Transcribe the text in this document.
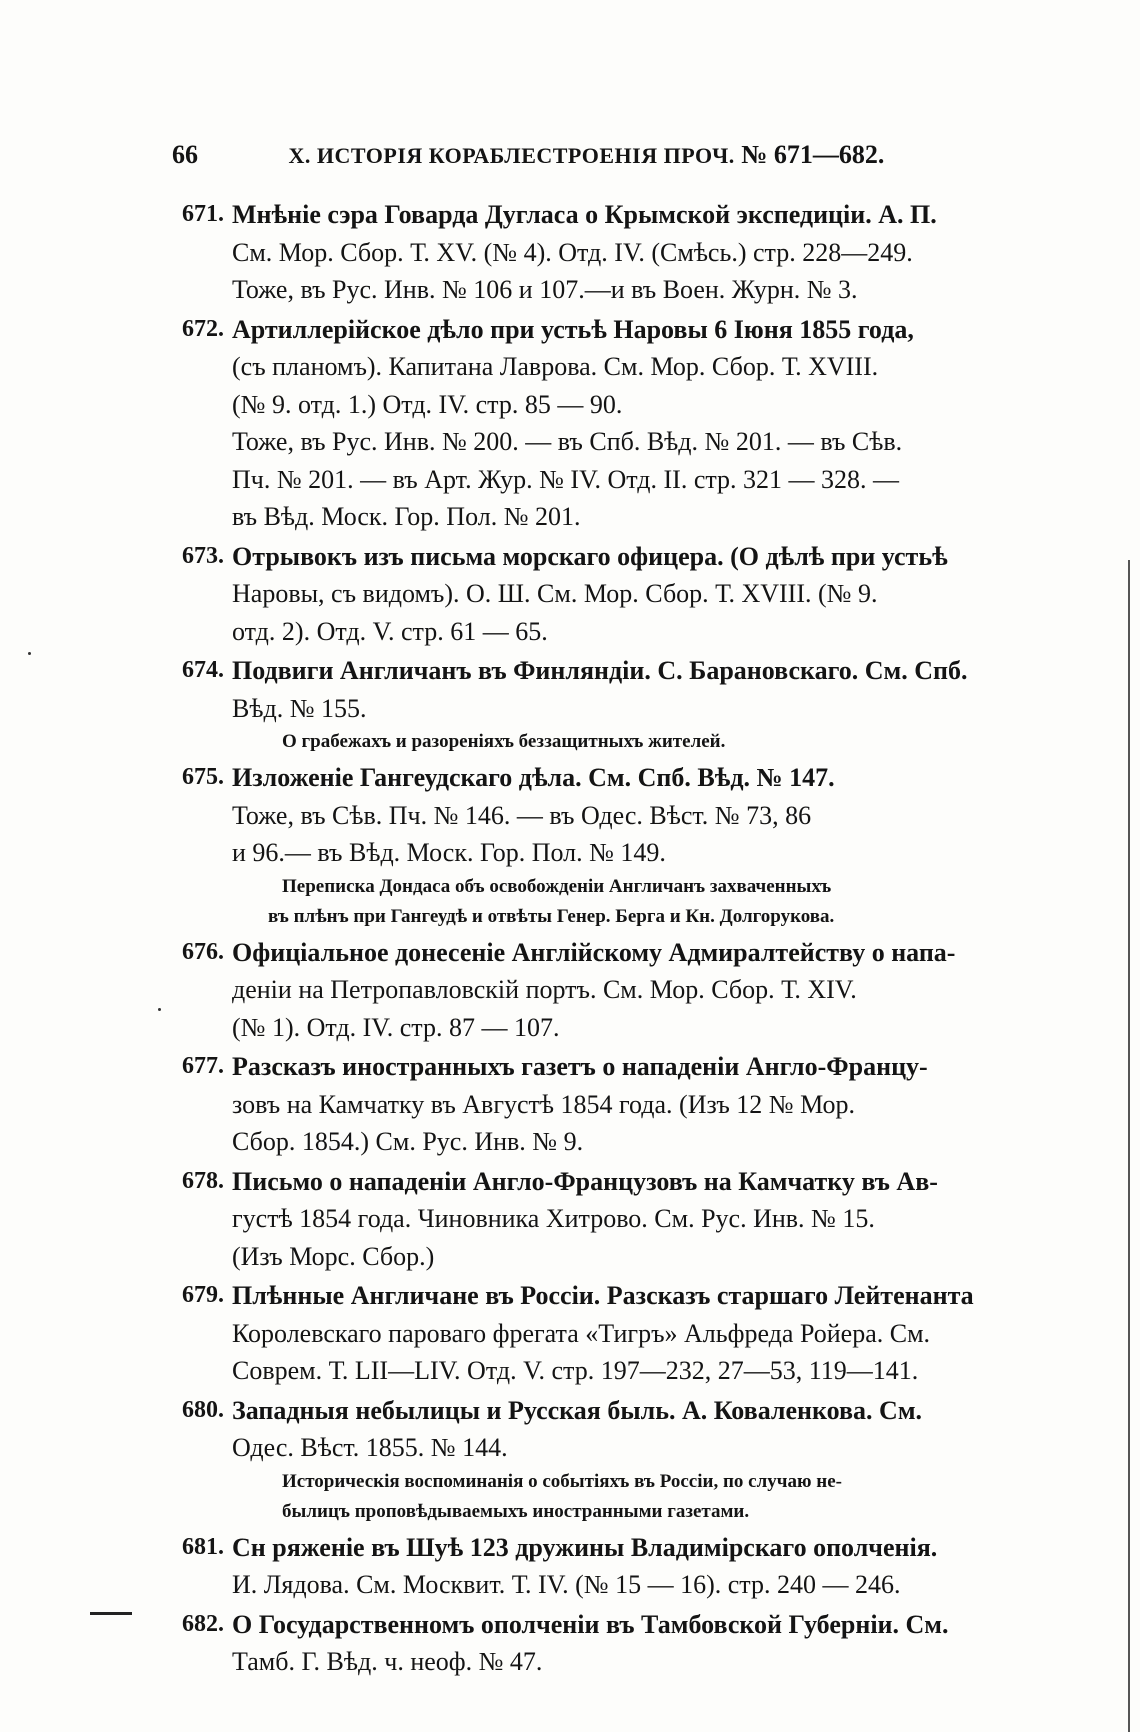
66	X. ИСТОРІЯ КОРАБЛЕСТРОЕНІЯ ПРОЧ. № 671—682.
671. Мнѣніе сэра Говарда Дугласа о Крымской экспедиціи. А. П.
См. Мор. Сбор. Т. XV. (№ 4). Отд. IV. (Смѣсь.) стр. 228—249.
Тоже, въ Рус. Инв. № 106 и 107.—и въ Воен. Журн. № 3.
672. Артиллерійское дѣло при устьѣ Наровы 6 Іюня 1855 года,
(съ планомъ). Капитана Лаврова. См. Мор. Сбор. Т. XVIII.
(№ 9. отд. 1.) Отд. IV. стр. 85 — 90.
Тоже, въ Рус. Инв. № 200. — въ Спб. Вѣд. № 201. — въ Сѣв.
Пч. № 201. — въ Арт. Жур. № IV. Отд. II. стр. 321 — 328. —
въ Вѣд. Моск. Гор. Пол. № 201.
673. Отрывокъ изъ письма морскаго офицера. (О дѣлѣ при устьѣ
Наровы, съ видомъ). О. Ш. См. Мор. Сбор. Т. XVIII. (№ 9.
отд. 2). Отд. V. стр. 61 — 65.
674. Подвиги Англичанъ въ Финляндіи. С. Барановскаго. См. Спб.
Вѣд. № 155.
О грабежахъ и разореніяхъ беззащитныхъ жителей.
675. Изложеніе Гангеудскаго дѣла. См. Спб. Вѣд. № 147.
Тоже, въ Сѣв. Пч. № 146. — въ Одес. Вѣст. № 73, 86
и 96.— въ Вѣд. Моск. Гор. Пол. № 149.
Переписка Дондаса объ освобожденіи Англичанъ захваченныхъ
въ плѣнъ при Гангеудѣ и отвѣты Генер. Берга и Кн. Долгорукова.
676. Офиціальное донесеніе Англійскому Адмиралтейству о напа-
деніи на Петропавловскій портъ. См. Мор. Сбор. Т. XIV.
(№ 1). Отд. IV. стр. 87 — 107.
677. Разсказъ иностранныхъ газетъ о нападеніи Англо-Францу-
зовъ на Камчатку въ Августѣ 1854 года. (Изъ 12 № Мор.
Сбор. 1854.) См. Рус. Инв. № 9.
678. Письмо о нападеніи Англо-Французовъ на Камчатку въ Ав-
густѣ 1854 года. Чиновника Хитрово. См. Рус. Инв. № 15.
(Изъ Морс. Сбор.)
679. Плѣнные Англичане въ Россіи. Разсказъ старшаго Лейтенанта
Королевскаго пароваго фрегата «Тигръ» Альфреда Ройера. См.
Соврем. Т. LII—LIV. Отд. V. стр. 197—232, 27—53, 119—141.
680. Западныя небылицы и Русская быль. А. Коваленкова. См.
Одес. Вѣст. 1855. № 144.
Историческія воспоминанія о событіяхъ въ Россіи, по случаю не-
былицъ проповѣдываемыхъ иностранными газетами.
681. Сн ряженіе въ Шуѣ 123 дружины Владимірскаго ополченія.
И. Лядова. См. Москвит. Т. IV. (№ 15 — 16). стр. 240 — 246.
682. О Государственномъ ополченіи въ Тамбовской Губерніи. См.
Тамб. Г. Вѣд. ч. неоф. № 47.
